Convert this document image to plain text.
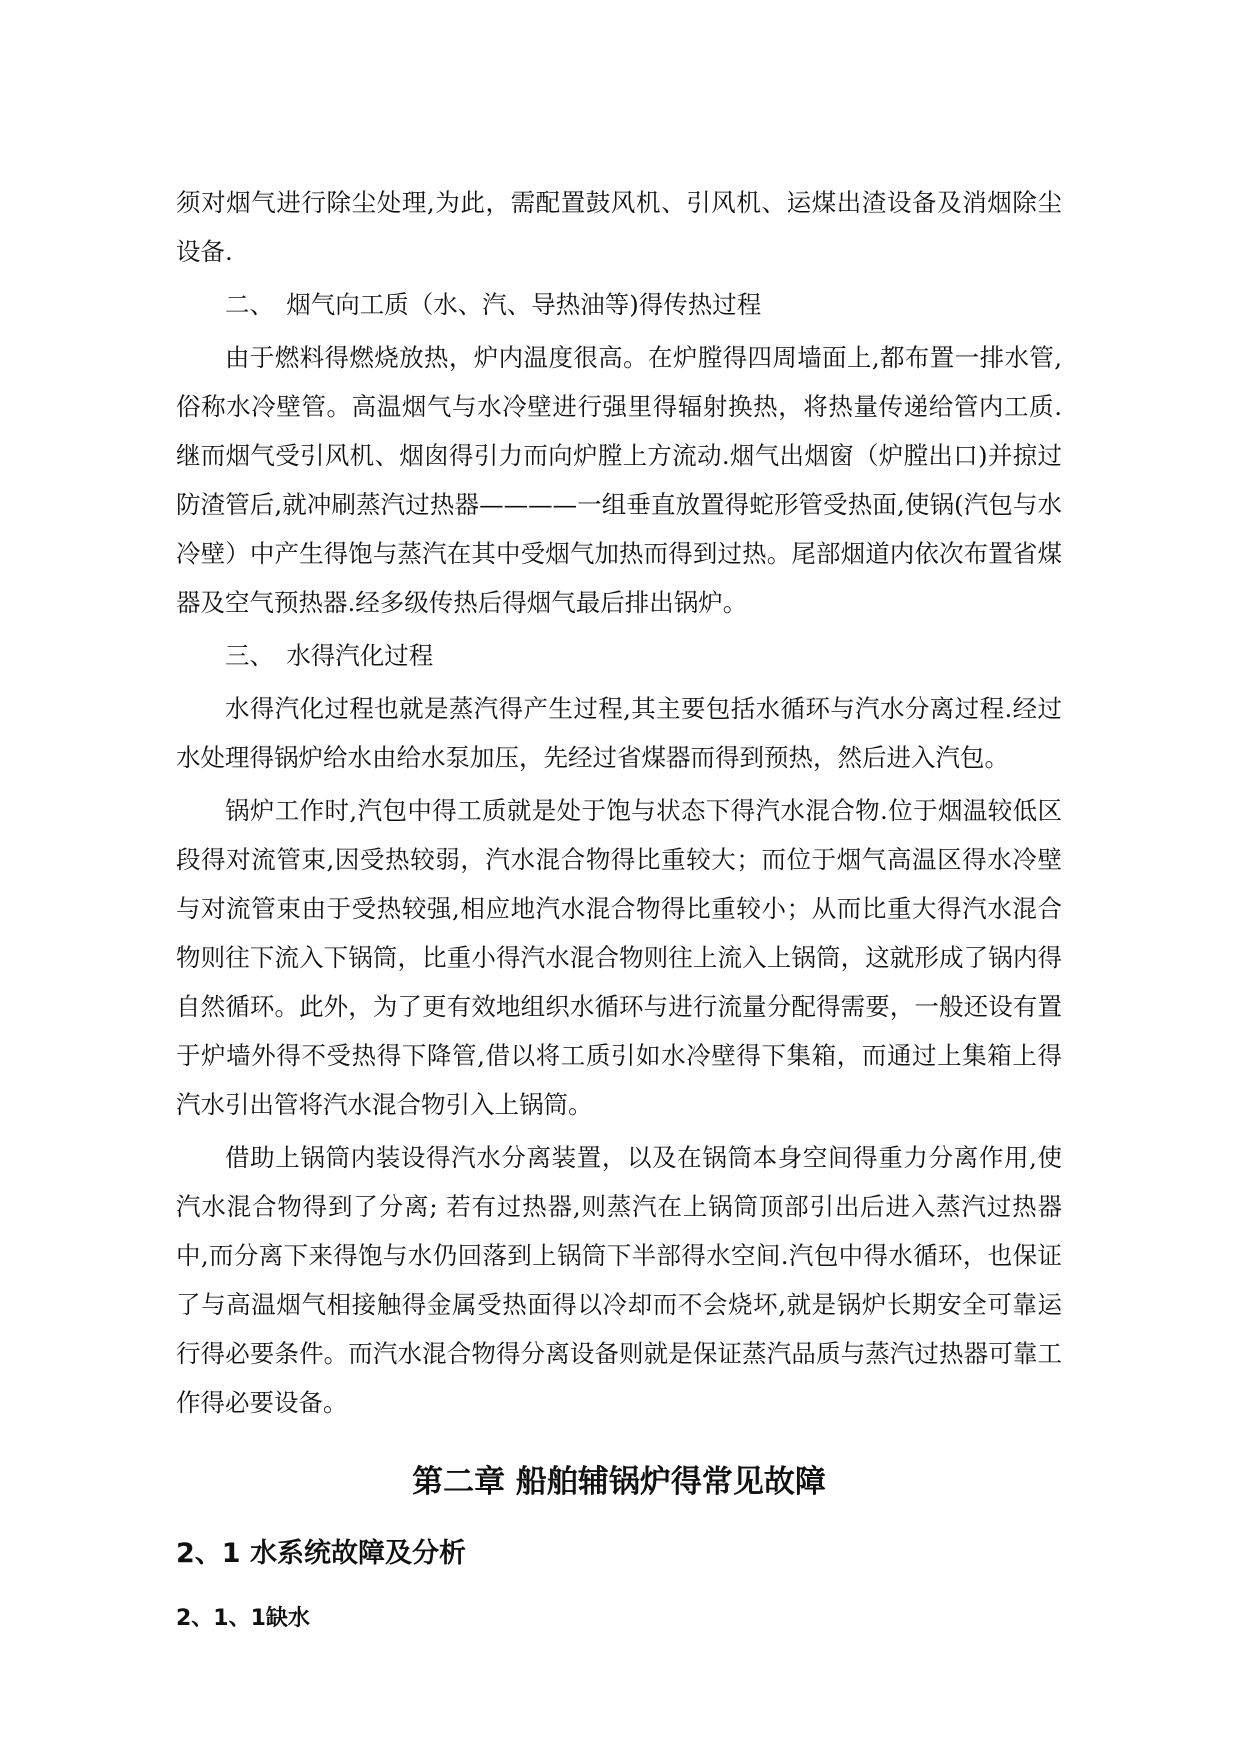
须对烟气进行除尘处理,为此，需配置鼓风机、引风机、运煤出渣设备及消烟除尘设备.

二、　烟气向工质（水、汽、导热油等)得传热过程

由于燃料得燃烧放热，炉内温度很高。在炉膛得四周墙面上,都布置一排水管,俗称水冷壁管。高温烟气与水冷壁进行强里得辐射换热，将热量传递给管内工质.继而烟气受引风机、烟囱得引力而向炉膛上方流动.烟气出烟窗（炉膛出口)并掠过防渣管后,就冲刷蒸汽过热器————一组垂直放置得蛇形管受热面,使锅(汽包与水冷壁）中产生得饱与蒸汽在其中受烟气加热而得到过热。尾部烟道内依次布置省煤器及空气预热器.经多级传热后得烟气最后排出锅炉。

三、　水得汽化过程

水得汽化过程也就是蒸汽得产生过程,其主要包括水循环与汽水分离过程.经过水处理得锅炉给水由给水泵加压，先经过省煤器而得到预热，然后进入汽包。

锅炉工作时,汽包中得工质就是处于饱与状态下得汽水混合物.位于烟温较低区段得对流管束,因受热较弱，汽水混合物得比重较大；而位于烟气高温区得水冷壁与对流管束由于受热较强,相应地汽水混合物得比重较小；从而比重大得汽水混合物则往下流入下锅筒，比重小得汽水混合物则往上流入上锅筒，这就形成了锅内得自然循环。此外，为了更有效地组织水循环与进行流量分配得需要，一般还设有置于炉墙外得不受热得下降管,借以将工质引如水冷壁得下集箱，而通过上集箱上得汽水引出管将汽水混合物引入上锅筒。

借助上锅筒内装设得汽水分离装置，以及在锅筒本身空间得重力分离作用,使汽水混合物得到了分离; 若有过热器,则蒸汽在上锅筒顶部引出后进入蒸汽过热器中,而分离下来得饱与水仍回落到上锅筒下半部得水空间.汽包中得水循环，也保证了与高温烟气相接触得金属受热面得以冷却而不会烧坏,就是锅炉长期安全可靠运行得必要条件。而汽水混合物得分离设备则就是保证蒸汽品质与蒸汽过热器可靠工作得必要设备。

第二章 船舶辅锅炉得常见故障
2、1 水系统故障及分析
2、1、1缺水
